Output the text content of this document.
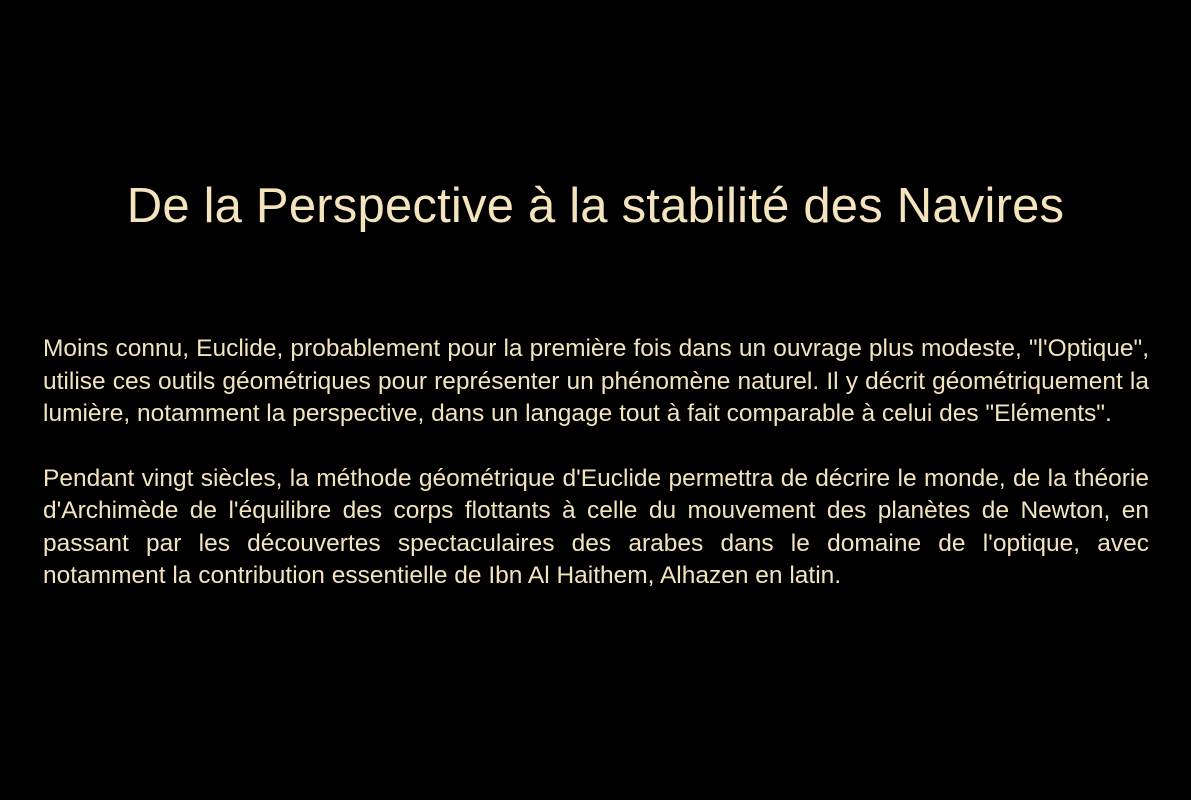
De la Perspective à la stabilité des Navires

Moins connu, Euclide, probablement pour la première fois dans un ouvrage plus modeste, "l'Optique", utilise ces outils géométriques pour représenter un phénomène naturel. Il y décrit géométriquement la lumière, notamment la perspective, dans un langage tout à fait comparable à celui des "Eléments".

Pendant vingt siècles, la méthode géométrique d'Euclide permettra de décrire le monde, de la théorie d'Archimède de l'équilibre des corps flottants à celle du mouvement des planètes de Newton, en passant par les découvertes spectaculaires des arabes dans le domaine de l'optique, avec notamment la contribution essentielle de Ibn Al Haithem, Alhazen en latin.
